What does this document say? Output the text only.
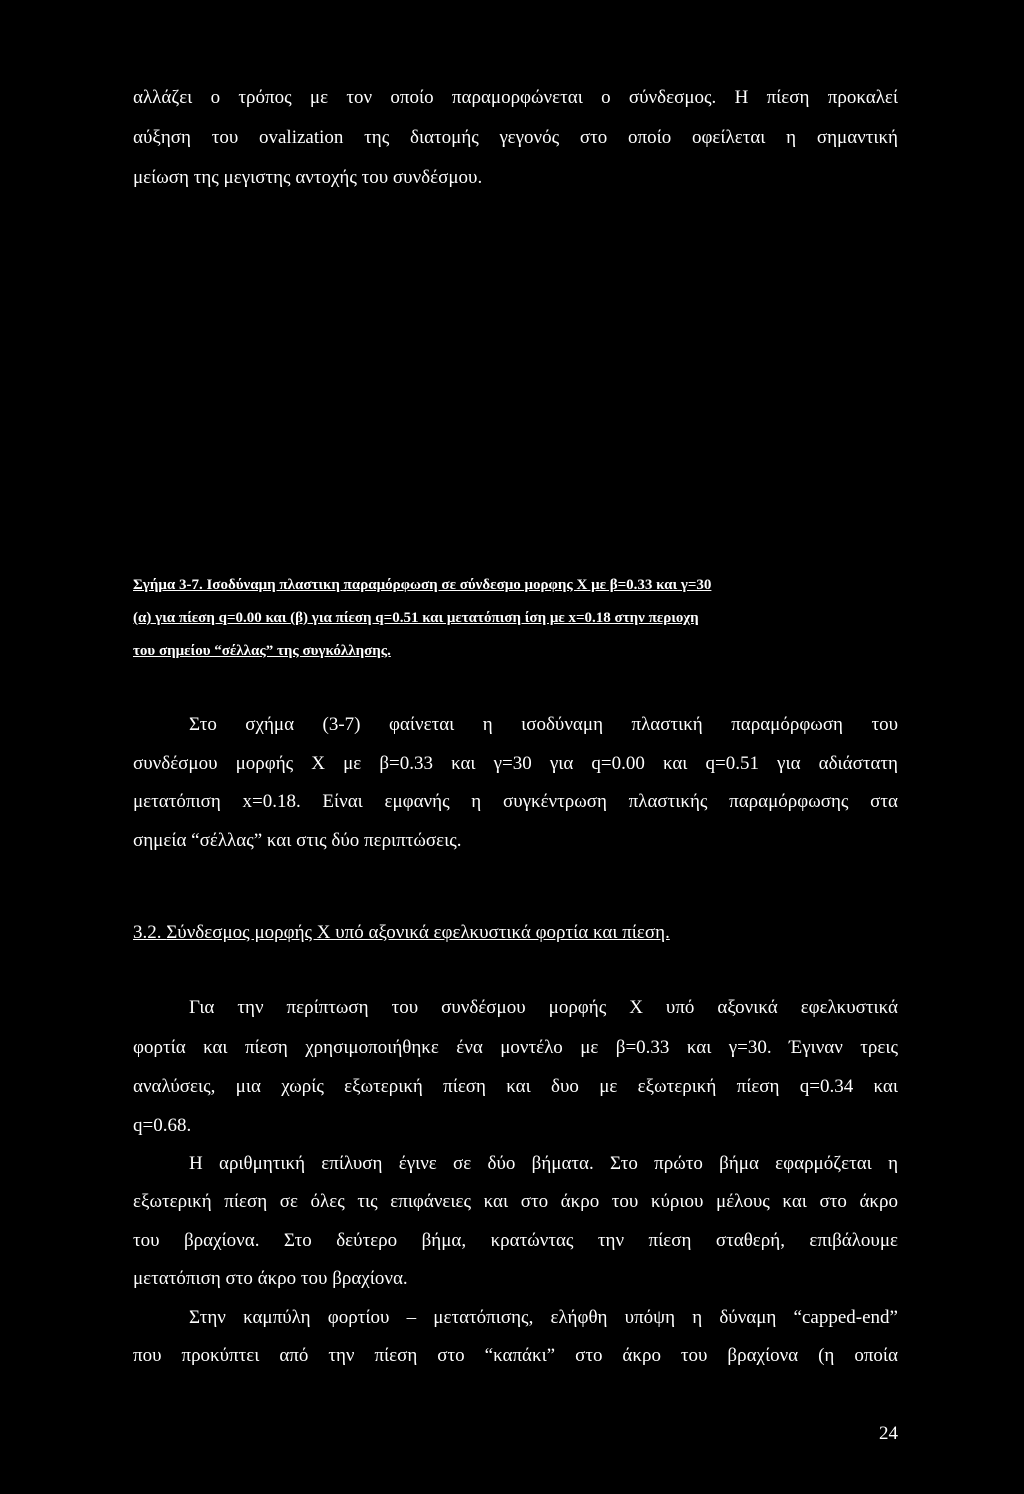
αλλάζει ο τρόπος με τον οποίο παραμορφώνεται ο σύνδεσμος. Η πίεση προκαλεί

αύξηση του ovalization της διατομής γεγονός στο οποίο οφείλεται η σημαντική

μείωση της μεγιστης αντοχής του συνδέσμου.

Σγήμα 3-7. Ισοδύναμη πλαστικη παραμόρφωση σε σύνδεσμο μορφης Χ με β=0.33 και γ=30

(α) για πίεση q=0.00 και (β) για πίεση q=0.51 και μετατόπιση ίση με x=0.18 στην περιοχη

του σημείου “σέλλας” της συγκόλλησης.

Στο σχήμα (3-7) φαίνεται η ισοδύναμη πλαστική παραμόρφωση του

συνδέσμου μορφής Χ με β=0.33 και γ=30 για q=0.00 και q=0.51 για αδιάστατη

μετατόπιση x=0.18. Είναι εμφανής η συγκέντρωση πλαστικής παραμόρφωσης στα

σημεία “σέλλας” και στις δύο περιπτώσεις.

3.2. Σύνδεσμος μορφής Χ υπό αξονικά εφελκυστικά φορτία και πίεση.

Για την περίπτωση του συνδέσμου μορφής Χ υπό αξονικά εφελκυστικά

φορτία και πίεση χρησιμοποιήθηκε ένα μοντέλο με β=0.33 και γ=30. Έγιναν τρεις

αναλύσεις, μια χωρίς εξωτερική πίεση και δυο με εξωτερική πίεση q=0.34 και

q=0.68.

Η αριθμητική επίλυση έγινε σε δύο βήματα. Στο πρώτο βήμα εφαρμόζεται η

εξωτερική πίεση σε όλες τις επιφάνειες και στο άκρο του κύριου μέλους και στο άκρο

του βραχίονα. Στο δεύτερο βήμα, κρατώντας την πίεση σταθερή, επιβάλουμε

μετατόπιση στο άκρο του βραχίονα.

Στην καμπύλη φορτίου – μετατόπισης, ελήφθη υπόψη η δύναμη “capped-end”

που προκύπτει από την πίεση στο “καπάκι” στο άκρο του βραχίονα (η οποία

24
